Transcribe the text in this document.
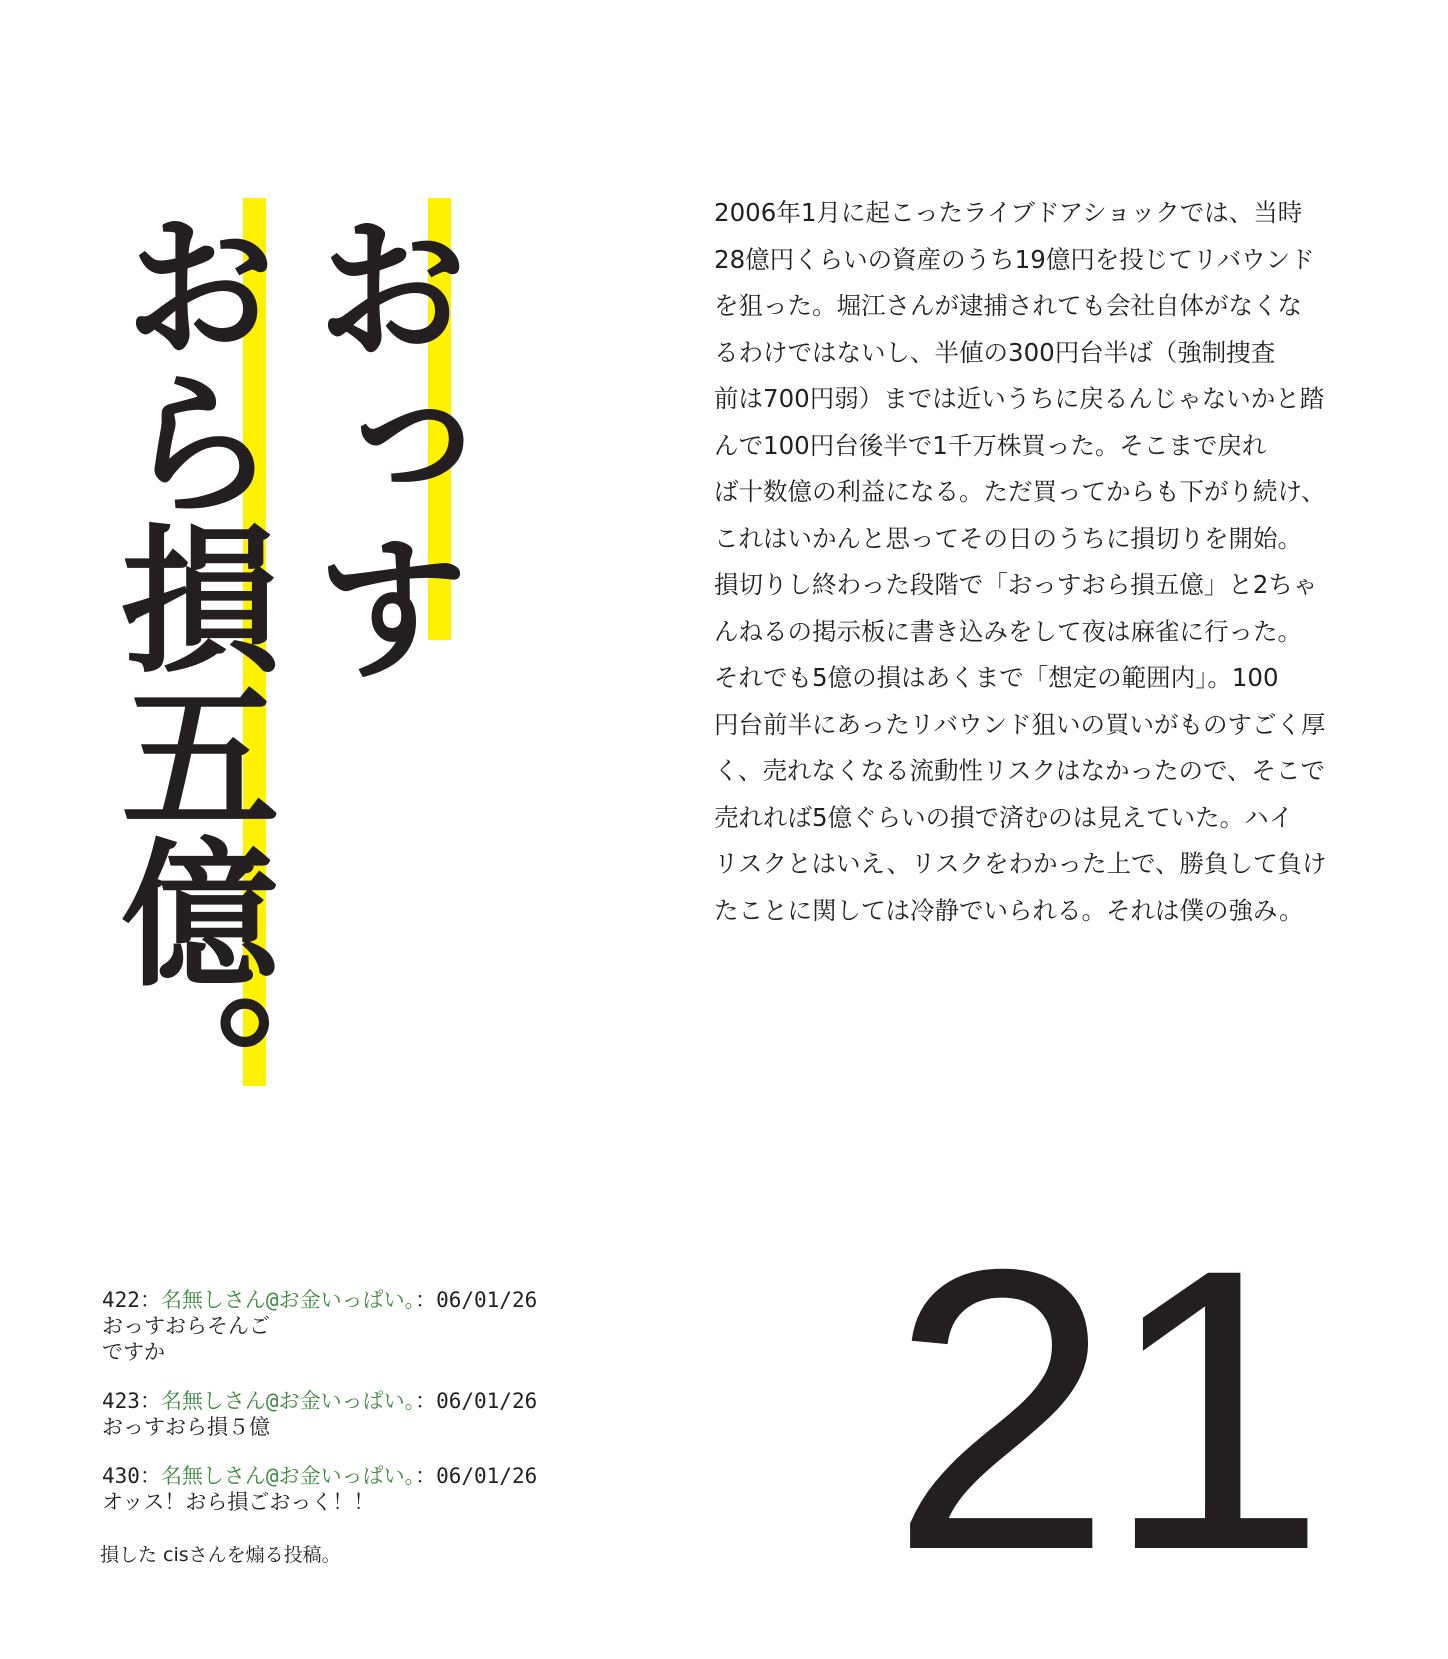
おっす
おら損五億。	2006年1月に起こったライブドアショックでは、当時
28億円くらいの資産のうち19億円を投じてリバウンド
を狙った。堀江さんが逮捕されても会社自体がなくな
るわけではないし、半値の300円台半ば（強制捜査
前は700円弱）までは近いうちに戻るんじゃないかと踏
んで100円台後半で1千万株買った。そこまで戻れ
ば十数億の利益になる。ただ買ってからも下がり続け、
これはいかんと思ってその日のうちに損切りを開始。
損切りし終わった段階で「おっすおら損五億」と2ちゃ
んねるの掲示板に書き込みをして夜は麻雀に行った。
それでも5億の損はあくまで「想定の範囲内」。100
円台前半にあったリバウンド狙いの買いがものすごく厚
く、売れなくなる流動性リスクはなかったので、そこで
売れれば5億ぐらいの損で済むのは見えていた。ハイ
リスクとはいえ、リスクをわかった上で、勝負して負け
たことに関しては冷静でいられる。それは僕の強み。

422：名無しさん@お金いっぱい。：06/01/26
おっすおらそんご
ですか
423：名無しさん@お金いっぱい。：06/01/26
おっすおら損５億
430：名無しさん@お金いっぱい。：06/01/26
オッス！おら損ごおっく！！
損した cisさんを煽る投稿。 21
